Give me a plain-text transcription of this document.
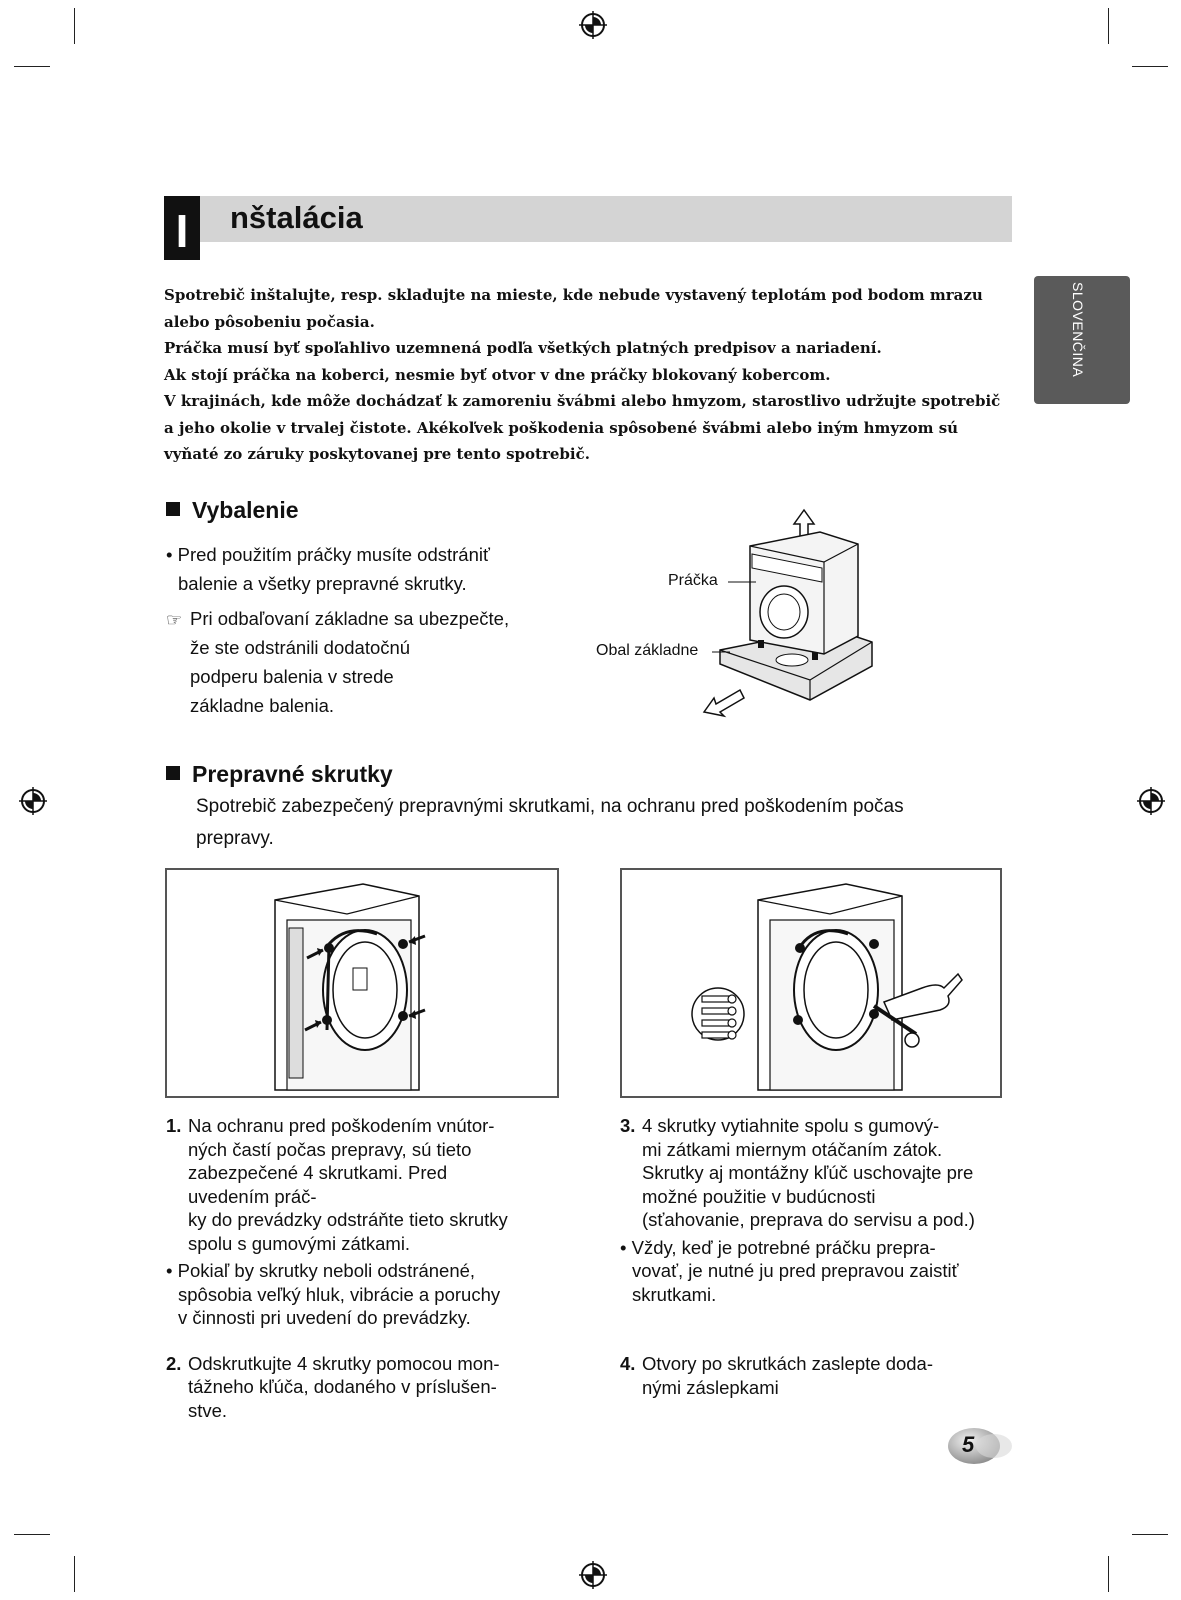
I	nštalácia
SLOVENČINA

Spotrebič inštalujte, resp. skladujte na mieste, kde nebude vystavený teplotám pod bodom mrazu alebo pôsobeniu počasia.

Práčka musí byť spoľahlivo uzemnená podľa všetkých platných predpisov a nariadení.

Ak stojí práčka na koberci, nesmie byť otvor v dne práčky blokovaný kobercom.

V krajinách, kde môže dochádzať k zamoreniu švábmi alebo hmyzom, starostlivo udržujte spotrebič a jeho okolie v trvalej čistote. Akékoľvek poškodenia spôsobené švábmi alebo iným hmyzom sú vyňaté zo záruky poskytovanej pre tento spotrebič.

Vybalenie
• Pred použitím práčky musíte odstrániť
balenie a všetky prepravné skrutky.
☞ Pri odbaľovaní základne sa ubezpečte,
že ste odstránili dodatočnú
podperu balenia v strede
základne balenia.
Práčka
Obal základne
Prepravné skrutky
Spotrebič zabezpečený prepravnými skrutkami, na ochranu pred poškodením počas
prepravy.
1. Na ochranu pred poškodením vnútor-
ných častí počas prepravy, sú tieto
zabezpečené 4 skrutkami. Pred
uvedením práč-
ky do prevádzky odstráňte tieto skrutky
spolu s gumovými zátkami.
• Pokiaľ by skrutky neboli odstránené,
spôsobia veľký hluk, vibrácie a poruchy
v činnosti pri uvedení do prevádzky.
2. Odskrutkujte 4 skrutky pomocou mon-
tážneho kľúča, dodaného v príslušen-
stve.
3. 4 skrutky vytiahnite spolu s gumový-
mi zátkami miernym otáčaním zátok.
Skrutky aj montážny kľúč uschovajte pre
možné použitie v budúcnosti
(sťahovanie, preprava do servisu a pod.)
• Vždy, keď je potrebné práčku prepra-
vovať, je nutné ju pred prepravou zaistiť
skrutkami.
4. Otvory po skrutkách zaslepte doda-
nými záslepkami
5
